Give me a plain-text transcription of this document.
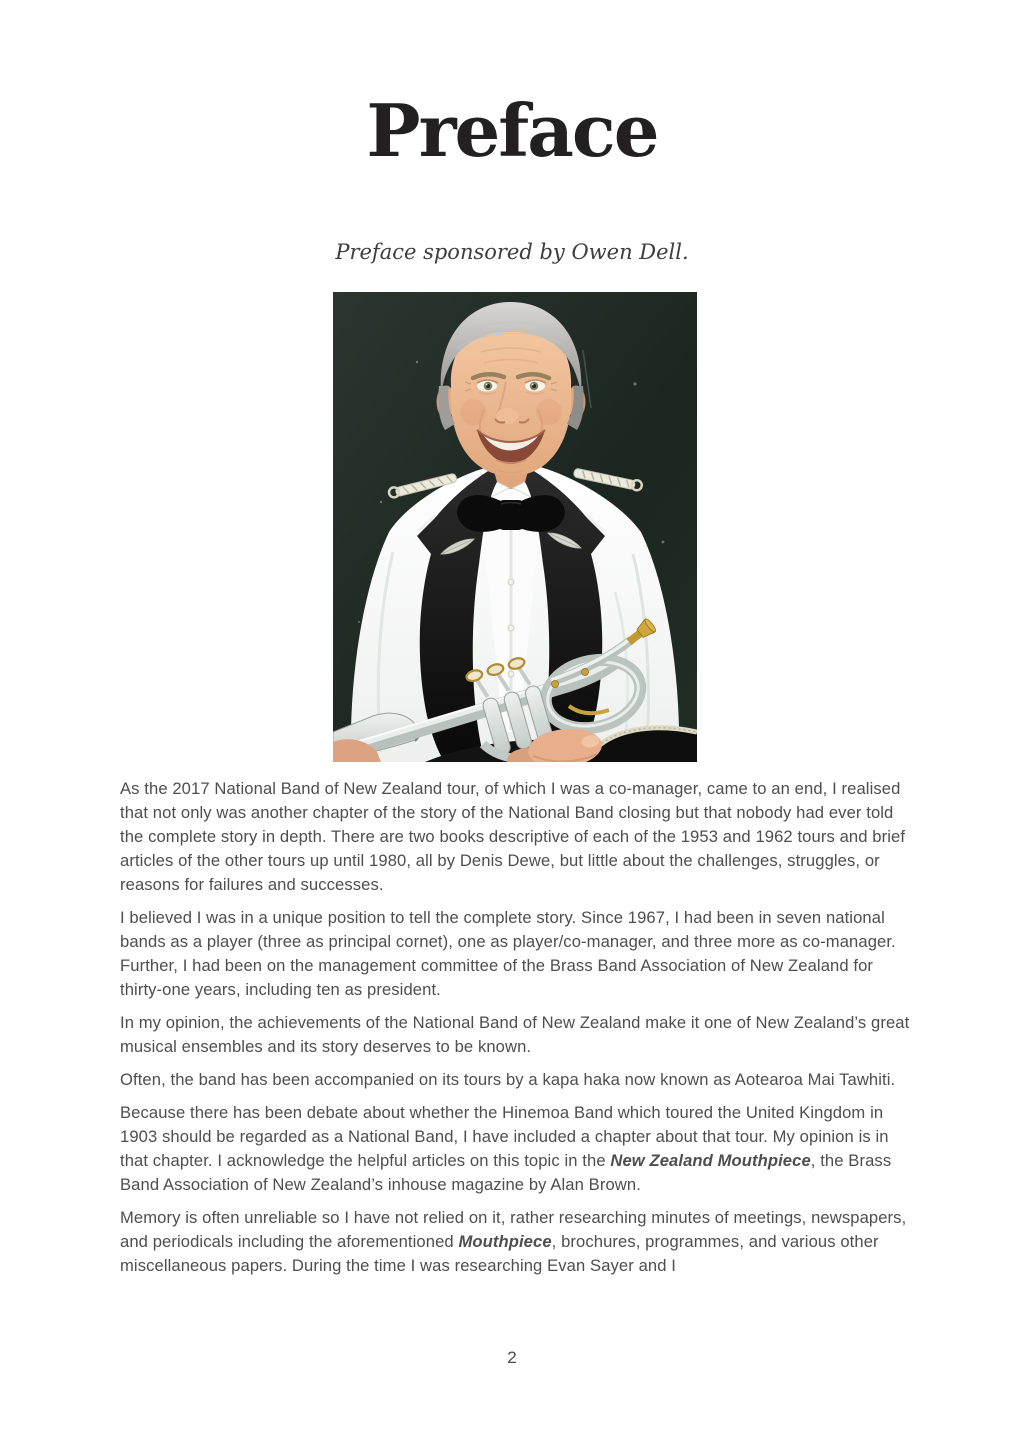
Preface
Preface sponsored by Owen Dell.

As the 2017 National Band of New Zealand tour, of which I was a co-manager, came to an end, I realised that not only was another chapter of the story of the National Band closing but that nobody had ever told the complete story in depth. There are two books descriptive of each of the 1953 and 1962 tours and brief articles of the other tours up until 1980, all by Denis Dewe, but little about the challenges, struggles, or reasons for failures and successes.

I believed I was in a unique position to tell the complete story. Since 1967, I had been in seven national bands as a player (three as principal cornet), one as player/co-manager, and three more as co-manager. Further, I had been on the management committee of the Brass Band Association of New Zealand for thirty-one years, including ten as president.

In my opinion, the achievements of the National Band of New Zealand make it one of New Zealand’s great musical ensembles and its story deserves to be known.

Often, the band has been accompanied on its tours by a kapa haka now known as Aotearoa Mai Tawhiti.

Because there has been debate about whether the Hinemoa Band which toured the United Kingdom in 1903 should be regarded as a National Band, I have included a chapter about that tour. My opinion is in that chapter. I acknowledge the helpful articles on this topic in the New Zealand Mouthpiece, the Brass Band Association of New Zealand’s inhouse magazine by Alan Brown.

Memory is often unreliable so I have not relied on it, rather researching minutes of meetings, newspapers, and periodicals including the aforementioned Mouthpiece, brochures, programmes, and various other miscellaneous papers. During the time I was researching Evan Sayer and I

2
